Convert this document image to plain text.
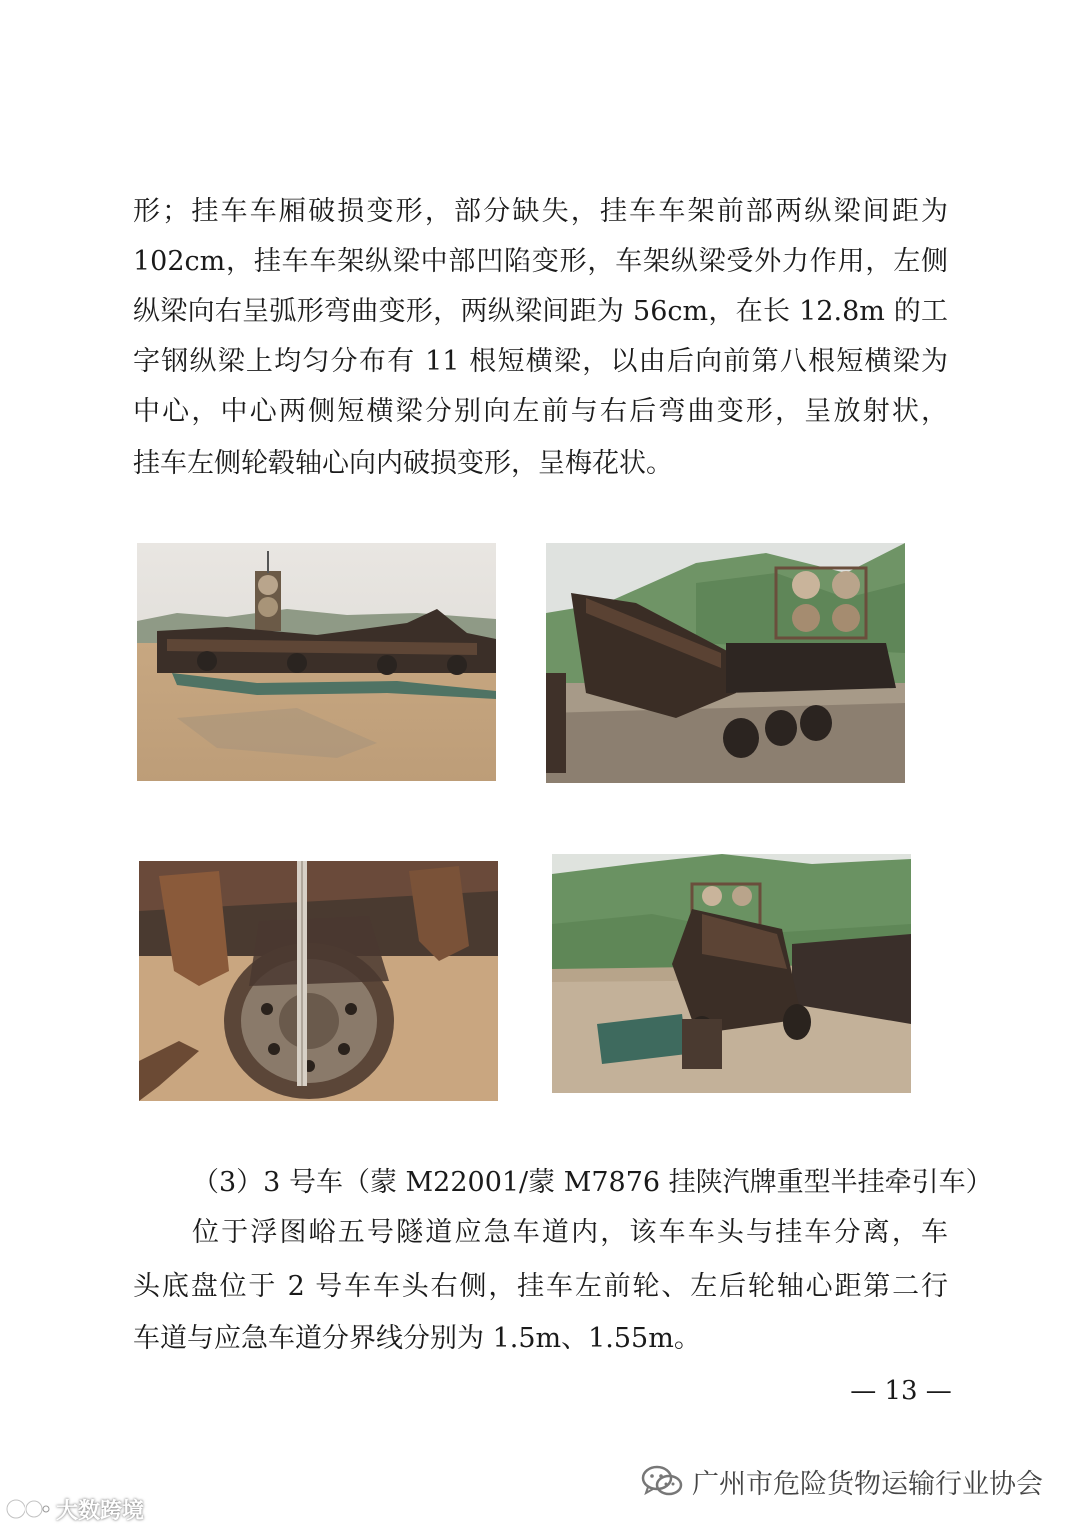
形；挂车车厢破损变形，部分缺失，挂车车架前部两纵梁间距为
102cm，挂车车架纵梁中部凹陷变形，车架纵梁受外力作用，左侧
纵梁向右呈弧形弯曲变形，两纵梁间距为 56cm，在长 12.8m 的工
字钢纵梁上均匀分布有 11 根短横梁，以由后向前第八根短横梁为
中心，中心两侧短横梁分别向左前与右后弯曲变形，呈放射状，
挂车左侧轮毂轴心向内破损变形，呈梅花状。
（3）3 号车（蒙 M22001/蒙 M7876 挂陕汽牌重型半挂牵引车）
位于浮图峪五号隧道应急车道内，该车车头与挂车分离，车
头底盘位于 2 号车车头右侧，挂车左前轮、左后轮轴心距第二行
车道与应急车道分界线分别为 1.5m、1.55m。
— 13 —
广州市危险货物运输行业协会
大数跨境
